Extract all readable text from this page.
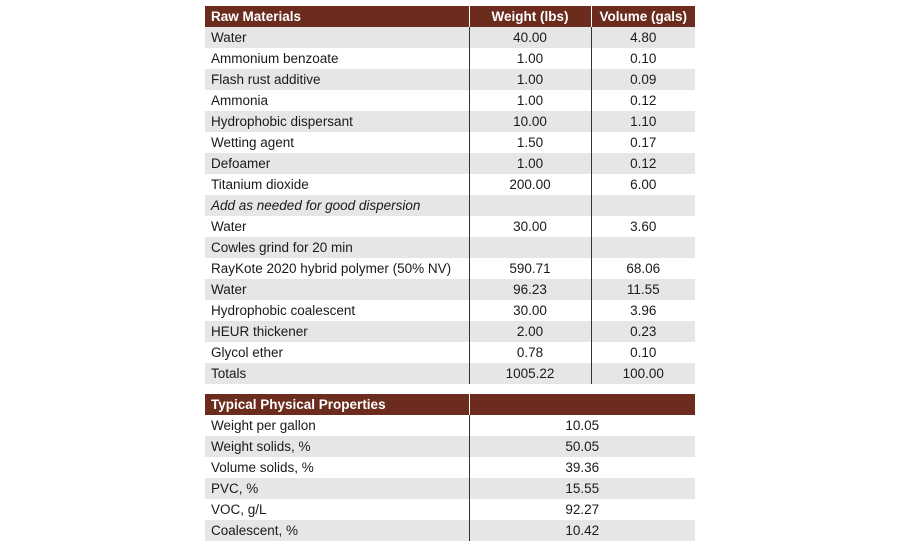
Raw Materials	Weight (lbs)	Volume (gals)
Water	40.00	4.80
Ammonium benzoate	1.00	0.10
Flash rust additive	1.00	0.09
Ammonia	1.00	0.12
Hydrophobic dispersant	10.00	1.10
Wetting agent	1.50	0.17
Defoamer	1.00	0.12
Titanium dioxide	200.00	6.00
Add as needed for good dispersion		
Water	30.00	3.60
Cowles grind for 20 min		
RayKote 2020 hybrid polymer (50% NV)	590.71	68.06
Water	96.23	11.55
Hydrophobic coalescent	30.00	3.96
HEUR thickener	2.00	0.23
Glycol ether	0.78	0.10
Totals	1005.22	100.00
Typical Physical Properties	
Weight per gallon	10.05
Weight solids, %	50.05
Volume solids, %	39.36
PVC, %	15.55
VOC, g/L	92.27
Coalescent, %	10.42
